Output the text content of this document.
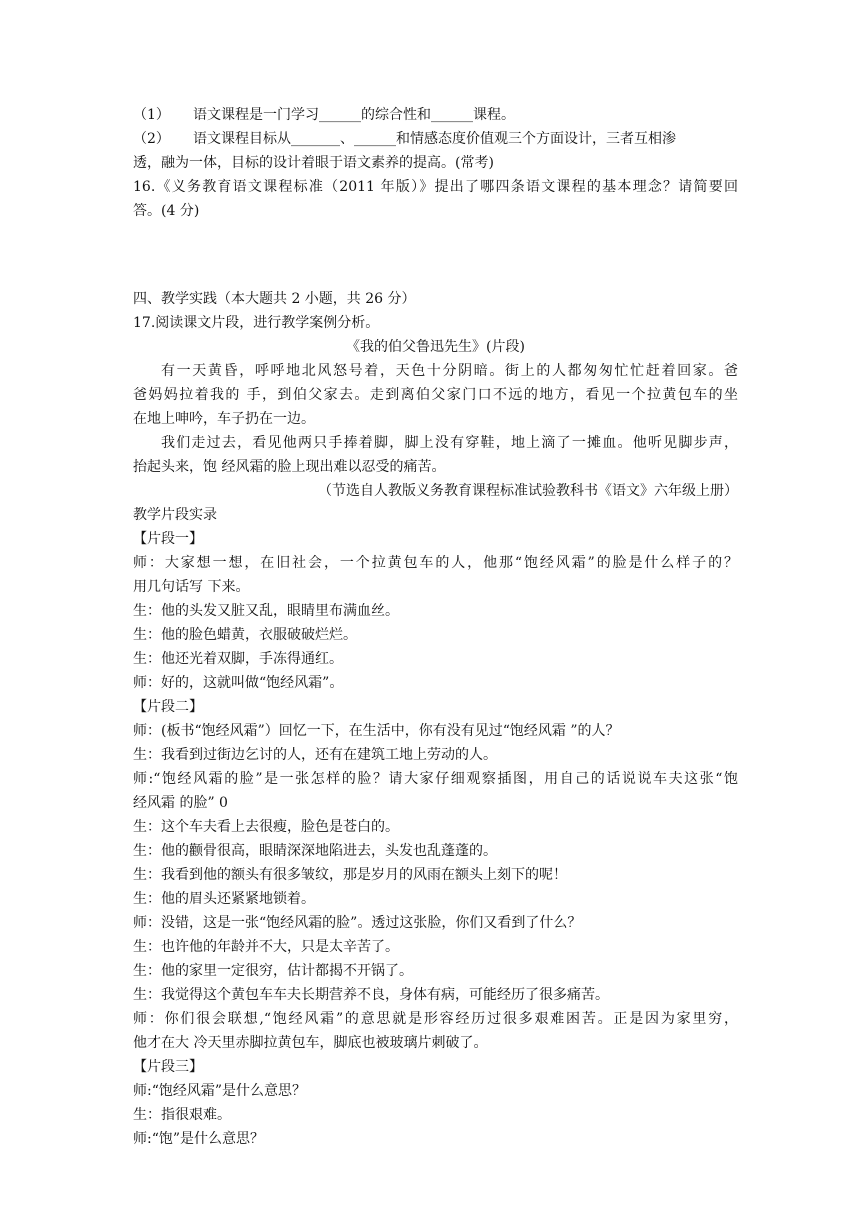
（1） 语文课程是一门学习______的综合性和______课程。
（2） 语文课程目标从_______、______和情感态度价值观三个方面设计，三者互相渗
透，融为一体，目标的设计着眼于语文素养的提高。(常考)
16.《义务教育语文课程标准（2011 年版）》提出了哪四条语文课程的基本理念？请简要回
答。(4 分)
四、教学实践（本大题共 2 小题，共 26 分）
17.阅读课文片段，进行教学案例分析。
《我的伯父鲁迅先生》(片段)
有一天黄昏，呼呼地北风怒号着，天色十分阴暗。街上的人都匆匆忙忙赶着回家。爸
爸妈妈拉着我的 手，到伯父家去。走到离伯父家门口不远的地方，看见一个拉黄包车的坐
在地上呻吟，车子扔在一边。
我们走过去，看见他两只手捧着脚，脚上没有穿鞋，地上滴了一摊血。他听见脚步声，
抬起头来，饱 经风霜的脸上现出难以忍受的痛苦。
（节选自人教版义务教育课程标准试验教科书《语文》六年级上册）
教学片段实录
【片段一】
师：大家想一想，在旧社会，一个拉黄包车的人，他那“饱经风霜”的脸是什么样子的？
用几句话写 下来。
生：他的头发又脏又乱，眼睛里布满血丝。
生：他的脸色蜡黄，衣服破破烂烂。
生：他还光着双脚，手冻得通红。
师：好的，这就叫做“饱经风霜”。
【片段二】
师：(板书“饱经风霜”）回忆一下，在生活中，你有没有见过“饱经风霜 ”的人？
生：我看到过街边乞讨的人，还有在建筑工地上劳动的人。
师:“饱经风霜的脸”是一张怎样的脸？请大家仔细观察插图，用自己的话说说车夫这张“饱
经风霜 的脸” 0
生：这个车夫看上去很瘦，脸色是苍白的。
生：他的颧骨很高，眼睛深深地陷进去，头发也乱蓬蓬的。
生：我看到他的额头有很多皱纹，那是岁月的风雨在额头上刻下的呢！
生：他的眉头还紧紧地锁着。
师：没错，这是一张“饱经风霜的脸”。透过这张脸，你们又看到了什么？
生：也许他的年龄并不大，只是太辛苦了。
生：他的家里一定很穷，估计都揭不开锅了。
生：我觉得这个黄包车车夫长期营养不良，身体有病，可能经历了很多痛苦。
师：你们很会联想,“饱经风霜”的意思就是形容经历过很多艰难困苦。正是因为家里穷，
他才在大 冷天里赤脚拉黄包车，脚底也被玻璃片刺破了。
【片段三】
师:“饱经风霜”是什么意思？
生：指很艰难。
师:“饱”是什么意思？
